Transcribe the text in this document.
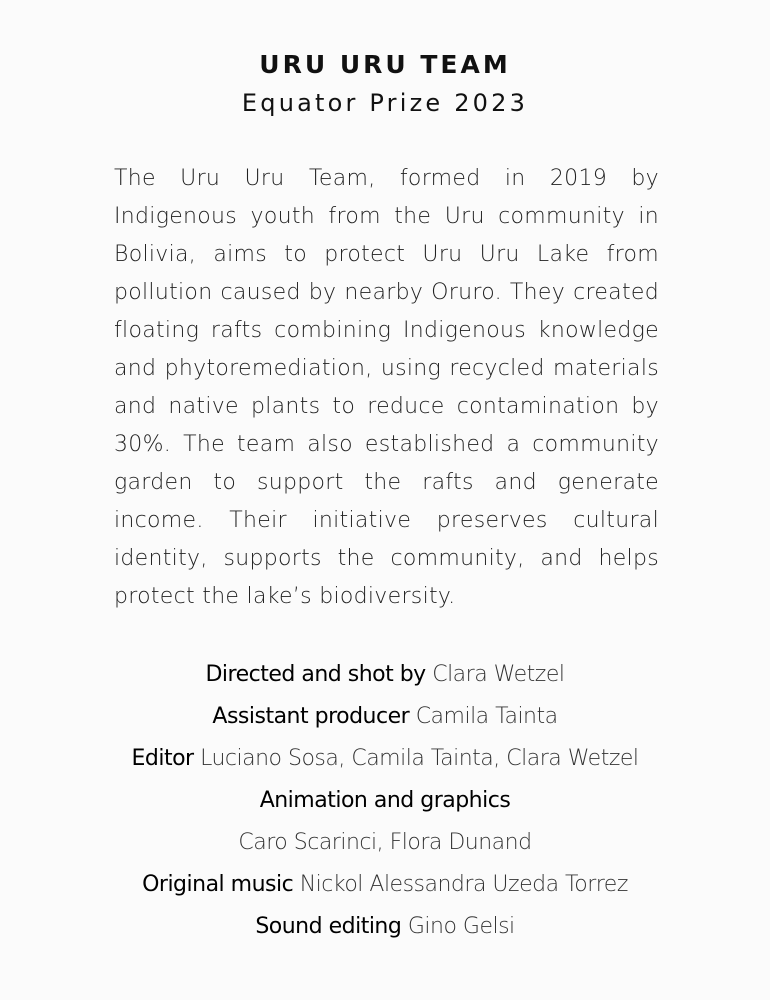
URU URU TEAM

Equator Prize 2023

The Uru Uru Team, formed in 2019 by Indigenous youth from the Uru community in Bolivia, aims to protect Uru Uru Lake from pollution caused by nearby Oruro. They created floating rafts combining Indigenous knowledge and phytoremediation, using recycled materials and native plants to reduce contamination by 30%. The team also established a community garden to support the rafts and generate income. Their initiative preserves cultural identity, supports the community, and helps protect the lake’s biodiversity.

Directed and shot by Clara Wetzel

Assistant producer Camila Tainta

Editor Luciano Sosa, Camila Tainta, Clara Wetzel

Animation and graphics

Caro Scarinci, Flora Dunand

Original music Nickol Alessandra Uzeda Torrez

Sound editing Gino Gelsi
